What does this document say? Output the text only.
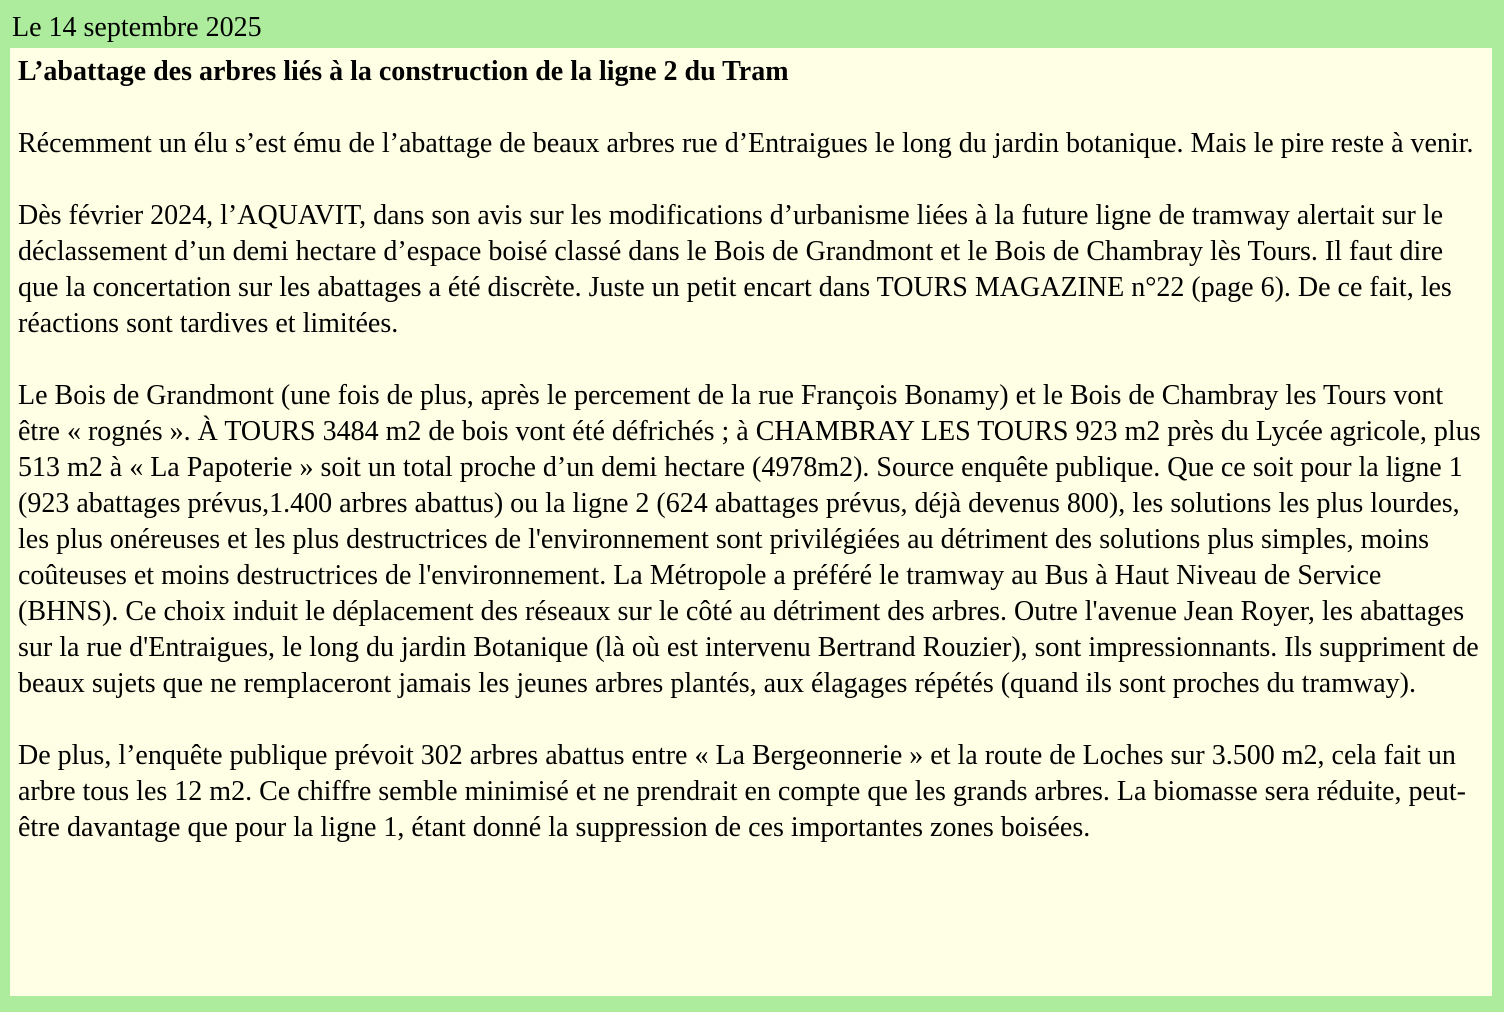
Le 14 septembre 2025
L’abattage des arbres liés à la construction de la ligne 2 du Tram

Récemment un élu s’est ému de l’abattage de beaux arbres rue d’Entraigues le long du jardin botanique. Mais le pire reste à venir.

Dès février 2024, l’AQUAVIT, dans son avis sur les modifications d’urbanisme liées à la future ligne de tramway alertait sur le déclassement d’un demi hectare d’espace boisé classé dans le Bois de Grandmont et le Bois de Chambray lès Tours. Il faut dire que la concertation sur les abattages a été discrète. Juste un petit encart dans TOURS MAGAZINE n°22 (page 6). De ce fait, les réactions sont tardives et limitées.

Le Bois de Grandmont (une fois de plus, après le percement de la rue François Bonamy) et le Bois de Chambray les Tours vont être « rognés ». À TOURS 3484 m2 de bois vont été défrichés ; à CHAMBRAY LES TOURS 923 m2 près du Lycée agricole, plus 513 m2 à « La Papoterie » soit un total proche d’un demi hectare (4978m2). Source enquête publique. Que ce soit pour la ligne 1 (923 abattages prévus,1.400 arbres abattus) ou la ligne 2 (624 abattages prévus, déjà devenus 800), les solutions les plus lourdes, les plus onéreuses et les plus destructrices de l'environnement sont privilégiées au détriment des solutions plus simples, moins coûteuses et moins destructrices de l'environnement. La Métropole a préféré le tramway au Bus à Haut Niveau de Service (BHNS). Ce choix induit le déplacement des réseaux sur le côté au détriment des arbres. Outre l'avenue Jean Royer, les abattages sur la rue d'Entraigues, le long du jardin Botanique (là où est intervenu Bertrand Rouzier), sont impressionnants. Ils suppriment de beaux sujets que ne remplaceront jamais les jeunes arbres plantés, aux élagages répétés (quand ils sont proches du tramway).

De plus, l’enquête publique prévoit 302 arbres abattus entre « La Bergeonnerie » et la route de Loches sur 3.500 m2, cela fait un arbre tous les 12 m2. Ce chiffre semble minimisé et ne prendrait en compte que les grands arbres. La biomasse sera réduite, peut-être davantage que pour la ligne 1, étant donné la suppression de ces importantes zones boisées.
